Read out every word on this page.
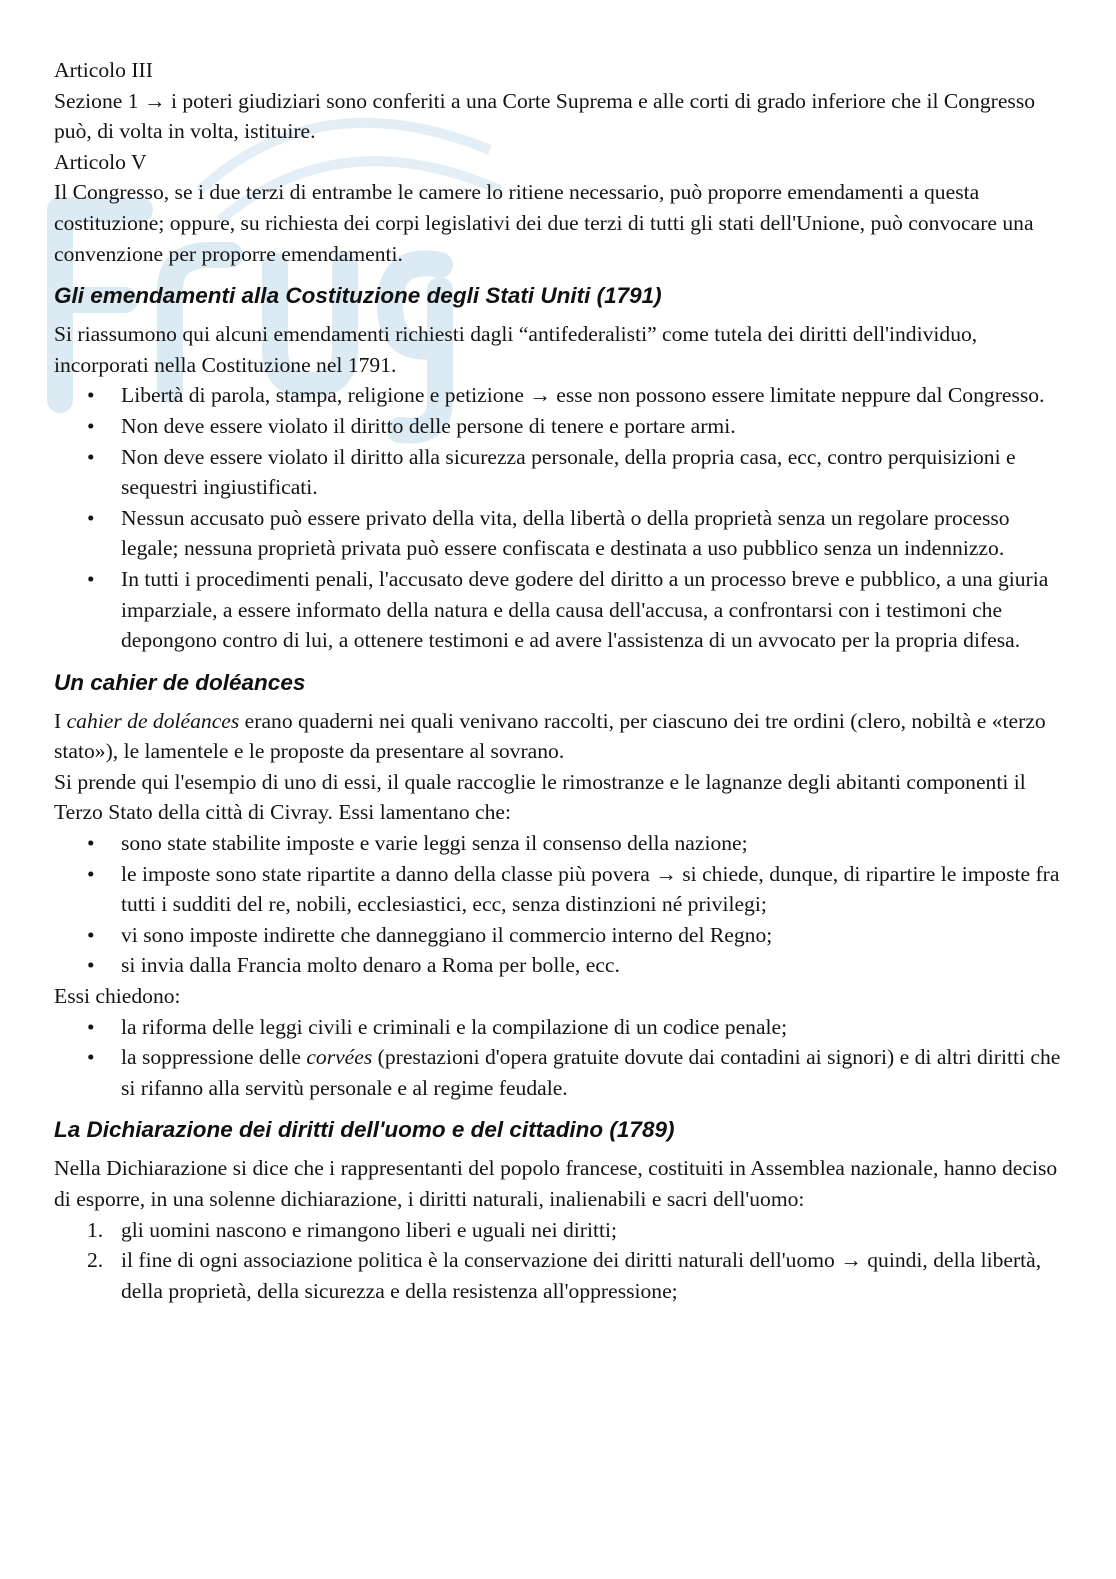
Articolo III

Sezione 1 → i poteri giudiziari sono conferiti a una Corte Suprema e alle corti di grado inferiore che il Congresso può, di volta in volta, istituire.

Articolo V

Il Congresso, se i due terzi di entrambe le camere lo ritiene necessario, può proporre emendamenti a questa costituzione; oppure, su richiesta dei corpi legislativi dei due terzi di tutti gli stati dell'Unione, può convocare una convenzione per proporre emendamenti.

Gli emendamenti alla Costituzione degli Stati Uniti (1791)

Si riassumono qui alcuni emendamenti richiesti dagli “antifederalisti” come tutela dei diritti dell'individuo, incorporati nella Costituzione nel 1791.

• Libertà di parola, stampa, religione e petizione → esse non possono essere limitate neppure dal Congresso.
• Non deve essere violato il diritto delle persone di tenere e portare armi.
• Non deve essere violato il diritto alla sicurezza personale, della propria casa, ecc, contro perquisizioni e sequestri ingiustificati.
• Nessun accusato può essere privato della vita, della libertà o della proprietà senza un regolare processo legale; nessuna proprietà privata può essere confiscata e destinata a uso pubblico senza un indennizzo.
• In tutti i procedimenti penali, l'accusato deve godere del diritto a un processo breve e pubblico, a una giuria imparziale, a essere informato della natura e della causa dell'accusa, a confrontarsi con i testimoni che depongono contro di lui, a ottenere testimoni e ad avere l'assistenza di un avvocato per la propria difesa.
Un cahier de doléances

I cahier de doléances erano quaderni nei quali venivano raccolti, per ciascuno dei tre ordini (clero, nobiltà e «terzo stato»), le lamentele e le proposte da presentare al sovrano.

Si prende qui l'esempio di uno di essi, il quale raccoglie le rimostranze e le lagnanze degli abitanti componenti il Terzo Stato della città di Civray. Essi lamentano che:

• sono state stabilite imposte e varie leggi senza il consenso della nazione;
• le imposte sono state ripartite a danno della classe più povera → si chiede, dunque, di ripartire le imposte fra tutti i sudditi del re, nobili, ecclesiastici, ecc, senza distinzioni né privilegi;
• vi sono imposte indirette che danneggiano il commercio interno del Regno;
• si invia dalla Francia molto denaro a Roma per bolle, ecc.

Essi chiedono:

• la riforma delle leggi civili e criminali e la compilazione di un codice penale;
• la soppressione delle corvées (prestazioni d'opera gratuite dovute dai contadini ai signori) e di altri diritti che si rifanno alla servitù personale e al regime feudale.
La Dichiarazione dei diritti dell'uomo e del cittadino (1789)

Nella Dichiarazione si dice che i rappresentanti del popolo francese, costituiti in Assemblea nazionale, hanno deciso di esporre, in una solenne dichiarazione, i diritti naturali, inalienabili e sacri dell'uomo:

1. gli uomini nascono e rimangono liberi e uguali nei diritti;
2. il fine di ogni associazione politica è la conservazione dei diritti naturali dell'uomo → quindi, della libertà, della proprietà, della sicurezza e della resistenza all'oppressione;
